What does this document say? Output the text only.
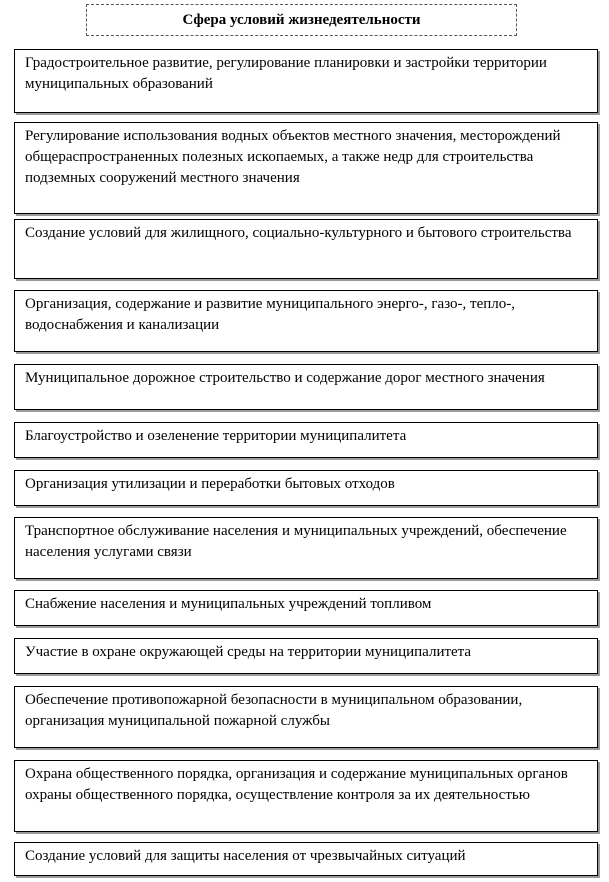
Сфера условий жизнедеятельности
Градостроительное развитие, регулирование планировки и застройки территории муниципальных образований
Регулирование использования водных объектов местного значения, месторождений общераспространенных полезных ископаемых, а также недр для строительства подземных сооружений местного значения
Создание условий для жилищного, социально-культурного и бытового строительства
Организация, содержание и развитие муниципального энерго-, газо-, тепло-, водоснабжения и канализации
Муниципальное дорожное строительство и содержание дорог местного значения
Благоустройство и озеленение территории муниципалитета
Организация утилизации и переработки бытовых отходов
Транспортное обслуживание населения и муниципальных учреждений, обеспечение населения услугами связи
Снабжение населения и муниципальных учреждений топливом
Участие в охране окружающей среды на территории муниципалитета
Обеспечение противопожарной безопасности в муниципальном образовании, организация муниципальной пожарной службы
Охрана общественного порядка, организация и содержание муниципальных органов охраны общественного порядка, осуществление контроля за их деятельностью
Создание условий для защиты населения от чрезвычайных ситуаций
